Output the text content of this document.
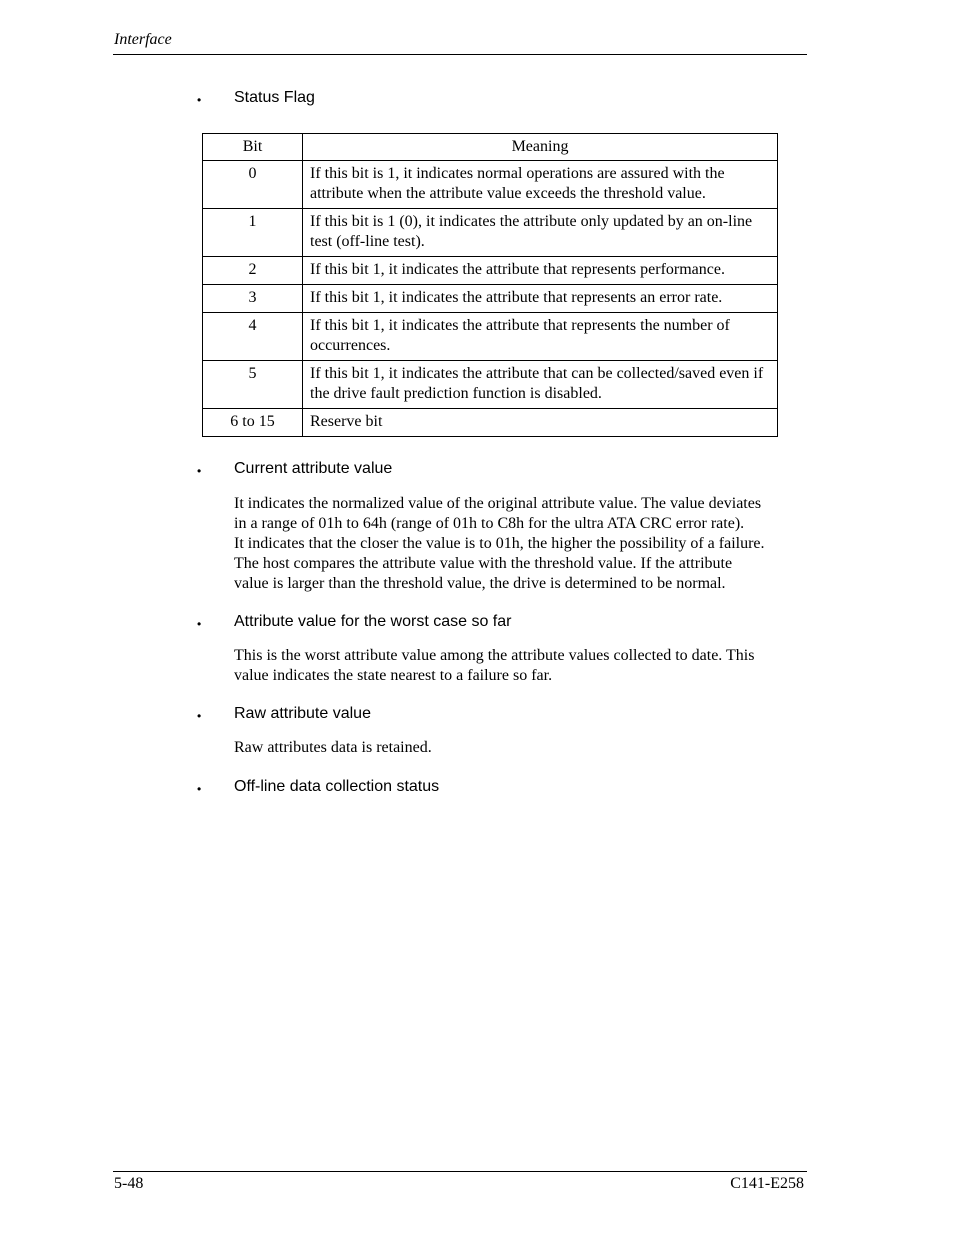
Interface
• Status Flag
Bit	Meaning
0	If this bit is 1, it indicates normal operations are assured with the attribute when the attribute value exceeds the threshold value.
1	If this bit is 1 (0), it indicates the attribute only updated by an on-line test (off-line test).
2	If this bit 1, it indicates the attribute that represents performance.
3	If this bit 1, it indicates the attribute that represents an error rate.
4	If this bit 1, it indicates the attribute that represents the number of occurrences.
5	If this bit 1, it indicates the attribute that can be collected/saved even if the drive fault prediction function is disabled.
6 to 15	Reserve bit
• Current attribute value

It indicates the normalized value of the original attribute value. The value deviates
in a range of 01h to 64h (range of 01h to C8h for the ultra ATA CRC error rate).
It indicates that the closer the value is to 01h, the higher the possibility of a failure.
The host compares the attribute value with the threshold value. If the attribute
value is larger than the threshold value, the drive is determined to be normal.

• Attribute value for the worst case so far

This is the worst attribute value among the attribute values collected to date. This
value indicates the state nearest to a failure so far.

• Raw attribute value

Raw attributes data is retained.

• Off-line data collection status
5-48	C141-E258
